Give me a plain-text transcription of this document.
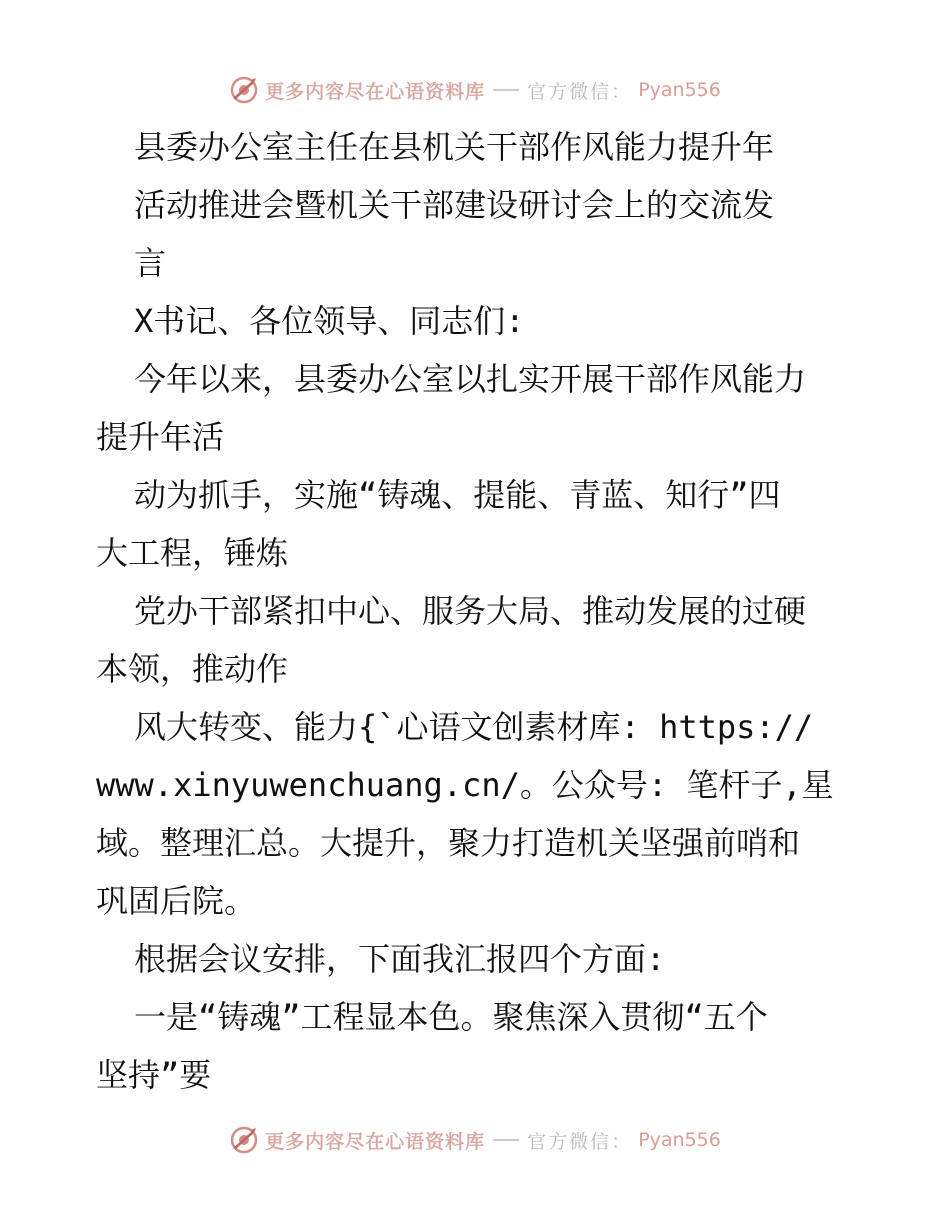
更多内容尽在心语资料库 官方微信： Pyan556
县委办公室主任在县机关干部作风能力提升年
活动推进会暨机关干部建设研讨会上的交流发
言
X书记、各位领导、同志们:
今年以来，县委办公室以扎实开展干部作风能力
提升年活
动为抓手，实施“铸魂、提能、青蓝、知行”四
大工程，锤炼
党办干部紧扣中心、服务大局、推动发展的过硬
本领，推动作
风大转变、能力{`心语文创素材库: https://
www.xinyuwenchuang.cn/。公众号: 笔杆子,星
域。整理汇总。大提升，聚力打造机关坚强前哨和
巩固后院。
根据会议安排，下面我汇报四个方面:
一是“铸魂”工程显本色。聚焦深入贯彻“五个
坚持”要
更多内容尽在心语资料库 官方微信： Pyan556
